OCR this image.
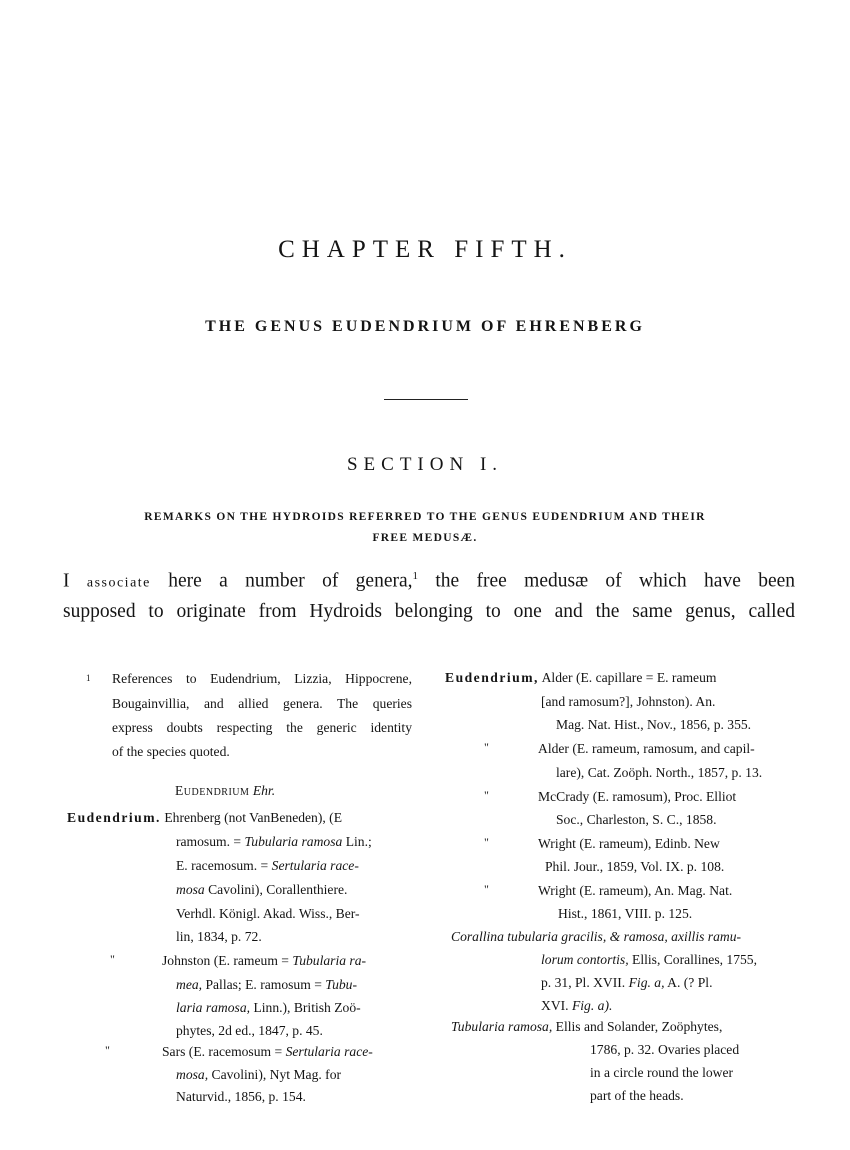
CHAPTER FIFTH.
THE GENUS EUDENDRIUM OF EHRENBERG
SECTION I.
REMARKS ON THE HYDROIDS REFERRED TO THE GENUS EUDENDRIUM AND THEIR
FREE MEDUSÆ.
I associate here a number of genera,$^1$ the free medusæ of which have been
supposed to originate from Hydroids belonging to one and the same genus, called
$^1$ References to Eudendrium, Lizzia, Hippocrene,
Bougainvillia, and allied genera. The queries
express doubts respecting the generic identity
of the species quoted.
Eudendrium Ehr.
Eudendrium. Ehrenberg (not VanBeneden), (E
ramosum. = Tubularia ramosa Lin.;
E. racemosum. = Sertularia race-
mosa Cavolini), Corallenthiere.
Verhdl. Königl. Akad. Wiss., Ber-
lin, 1834, p. 72.
"	Johnston (E. rameum = Tubularia ra-
mea, Pallas; E. ramosum = Tubu-
laria ramosa, Linn.), British Zoö-
phytes, 2d ed., 1847, p. 45.
"	Sars (E. racemosum = Sertularia race-
mosa, Cavolini), Nyt Mag. for
Naturvid., 1856, p. 154.
Eudendrium, Alder (E. capillare = E. rameum
[and ramosum?], Johnston). An.
Mag. Nat. Hist., Nov., 1856, p. 355.
"	Alder (E. rameum, ramosum, and capil-
lare), Cat. Zoöph. North., 1857, p. 13.
"	McCrady (E. ramosum), Proc. Elliot
Soc., Charleston, S. C., 1858.
"	Wright (E. rameum), Edinb. New
Phil. Jour., 1859, Vol. IX. p. 108.
"	Wright (E. rameum), An. Mag. Nat.
Hist., 1861, VIII. p. 125.
Corallina tubularia gracilis, & ramosa, axillis ramu-
lorum contortis, Ellis, Corallines, 1755,
p. 31, Pl. XVII. Fig. a, A. (? Pl.
XVI. Fig. a).
Tubularia ramosa, Ellis and Solander, Zoöphytes,
1786, p. 32. Ovaries placed
in a circle round the lower
part of the heads.
